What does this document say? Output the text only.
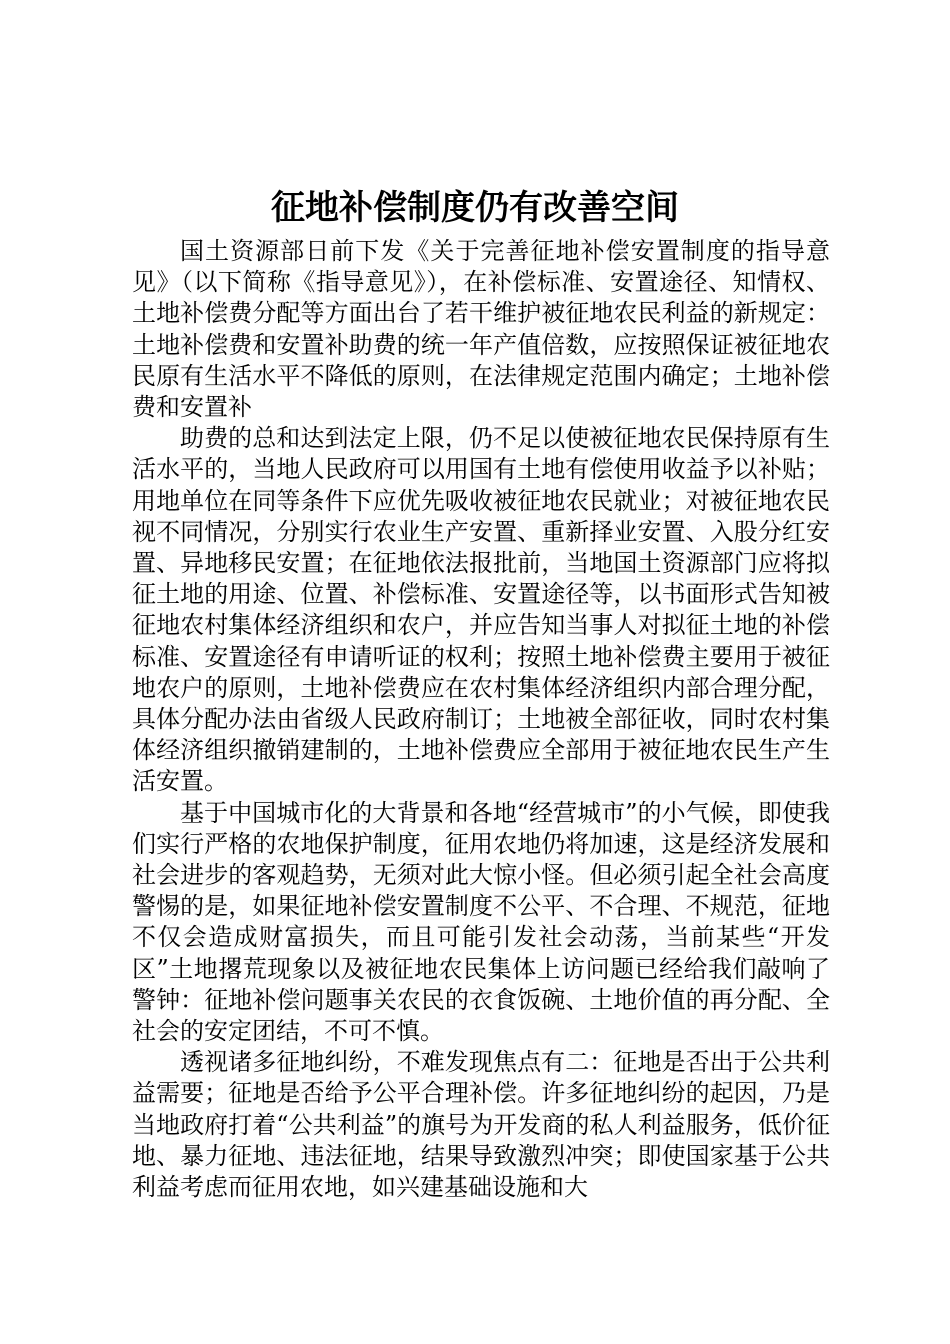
征地补偿制度仍有改善空间

国土资源部日前下发《关于完善征地补偿安置制度的指导意见》（以下简称《指导意见》），在补偿标准、安置途径、知情权、土地补偿费分配等方面出台了若干维护被征地农民利益的新规定：土地补偿费和安置补助费的统一年产值倍数，应按照保证被征地农民原有生活水平不降低的原则，在法律规定范围内确定；土地补偿费和安置补

助费的总和达到法定上限，仍不足以使被征地农民保持原有生活水平的，当地人民政府可以用国有土地有偿使用收益予以补贴；用地单位在同等条件下应优先吸收被征地农民就业；对被征地农民视不同情况，分别实行农业生产安置、重新择业安置、入股分红安置、异地移民安置；在征地依法报批前，当地国土资源部门应将拟征土地的用途、位置、补偿标准、安置途径等，以书面形式告知被征地农村集体经济组织和农户，并应告知当事人对拟征土地的补偿标准、安置途径有申请听证的权利；按照土地补偿费主要用于被征地农户的原则，土地补偿费应在农村集体经济组织内部合理分配，具体分配办法由省级人民政府制订；土地被全部征收，同时农村集体经济组织撤销建制的，土地补偿费应全部用于被征地农民生产生活安置。

基于中国城市化的大背景和各地“经营城市”的小气候，即使我们实行严格的农地保护制度，征用农地仍将加速，这是经济发展和社会进步的客观趋势，无须对此大惊小怪。但必须引起全社会高度警惕的是，如果征地补偿安置制度不公平、不合理、不规范，征地不仅会造成财富损失，而且可能引发社会动荡，当前某些“开发区”土地撂荒现象以及被征地农民集体上访问题已经给我们敲响了警钟：征地补偿问题事关农民的衣食饭碗、土地价值的再分配、全社会的安定团结，不可不慎。

透视诸多征地纠纷，不难发现焦点有二：征地是否出于公共利益需要；征地是否给予公平合理补偿。许多征地纠纷的起因，乃是当地政府打着“公共利益”的旗号为开发商的私人利益服务，低价征地、暴力征地、违法征地，结果导致激烈冲突；即使国家基于公共利益考虑而征用农地，如兴建基础设施和大
